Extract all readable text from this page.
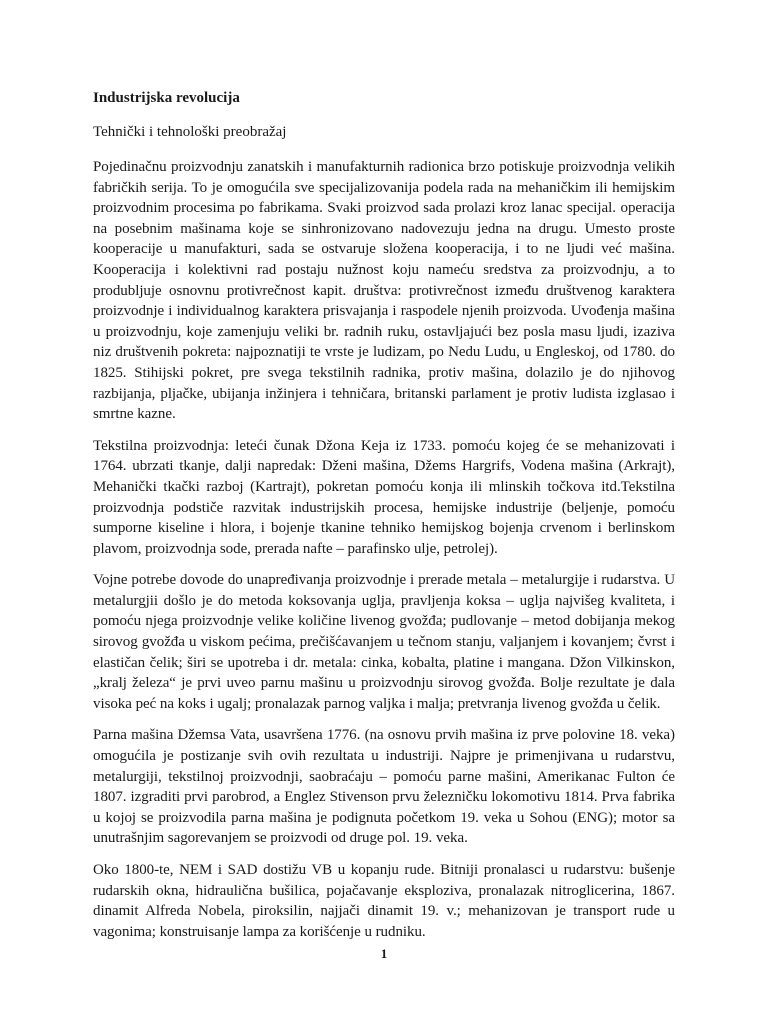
Industrijska revolucija
Tehnički i tehnološki preobražaj

Pojedinačnu proizvodnju zanatskih i manufakturnih radionica brzo potiskuje proizvodnja velikih fabričkih serija. To je omogućila sve specijalizovanija podela rada na mehaničkim ili hemijskim proizvodnim procesima po fabrikama. Svaki proizvod sada prolazi kroz lanac specijal. operacija na posebnim mašinama koje se sinhronizovano nadovezuju jedna na drugu. Umesto proste kooperacije u manufakturi, sada se ostvaruje složena kooperacija, i to ne ljudi već mašina. Kooperacija i kolektivni rad postaju nužnost koju nameću sredstva za proizvodnju, a to produbljuje osnovnu protivrečnost kapit. društva: protivrečnost između društvenog karaktera proizvodnje i individualnog karaktera prisvajanja i raspodele njenih proizvoda. Uvođenja mašina u proizvodnju, koje zamenjuju veliki br. radnih ruku, ostavljajući bez posla masu ljudi, izaziva niz društvenih pokreta: najpoznatiji te vrste je ludizam, po Nedu Ludu, u Engleskoj, od 1780. do 1825. Stihijski pokret, pre svega tekstilnih radnika, protiv mašina, dolazilo je do njihovog razbijanja, pljačke, ubijanja inžinjera i tehničara, britanski parlament je protiv ludista izglasao i smrtne kazne.

Tekstilna proizvodnja: leteći čunak Džona Keja iz 1733. pomoću kojeg će se mehanizovati i 1764. ubrzati tkanje, dalji napredak: Dženi mašina, Džems Hargrifs, Vodena mašina (Arkrajt), Mehanički tkački razboj (Kartrajt), pokretan pomoću konja ili mlinskih točkova itd.Tekstilna proizvodnja podstiče razvitak industrijskih procesa, hemijske industrije (beljenje, pomoću sumporne kiseline i hlora, i bojenje tkanine tehniko hemijskog bojenja crvenom i berlinskom plavom, proizvodnja sode, prerada nafte – parafinsko ulje, petrolej).

Vojne potrebe dovode do unapređivanja proizvodnje i prerade metala – metalurgije i rudarstva. U metalurgjii došlo je do metoda koksovanja uglja, pravljenja koksa – uglja najvišeg kvaliteta, i pomoću njega proizvodnje velike količine livenog gvožđa; pudlovanje – metod dobijanja mekog sirovog gvožđa u viskom pećima, prečišćavanjem u tečnom stanju, valjanjem i kovanjem; čvrst i elastičan čelik; širi se upotreba i dr. metala: cinka, kobalta, platine i mangana. Džon Vilkinskon, „kralj železa“ je prvi uveo parnu mašinu u proizvodnju sirovog gvožđa. Bolje rezultate je dala visoka peć na koks i ugalj; pronalazak parnog valjka i malja; pretvranja livenog gvožđa u čelik.

Parna mašina Džemsa Vata, usavršena 1776. (na osnovu prvih mašina iz prve polovine 18. veka) omogućila je postizanje svih ovih rezultata u industriji. Najpre je primenjivana u rudarstvu, metalurgiji, tekstilnoj proizvodnji, saobraćaju – pomoću parne mašini, Amerikanac Fulton će 1807. izgraditi prvi parobrod, a Englez Stivenson prvu železničku lokomotivu 1814. Prva fabrika u kojoj se proizvodila parna mašina je podignuta početkom 19. veka u Sohou (ENG); motor sa unutrašnjim sagorevanjem se proizvodi od druge pol. 19. veka.

Oko 1800-te, NEM i SAD dostižu VB u kopanju rude. Bitniji pronalasci u rudarstvu: bušenje rudarskih okna, hidraulična bušilica, pojačavanje eksploziva, pronalazak nitroglicerina, 1867. dinamit Alfreda Nobela, piroksilin, najjači dinamit 19. v.; mehanizovan je transport rude u vagonima; konstruisanje lampa za korišćenje u rudniku.

1
